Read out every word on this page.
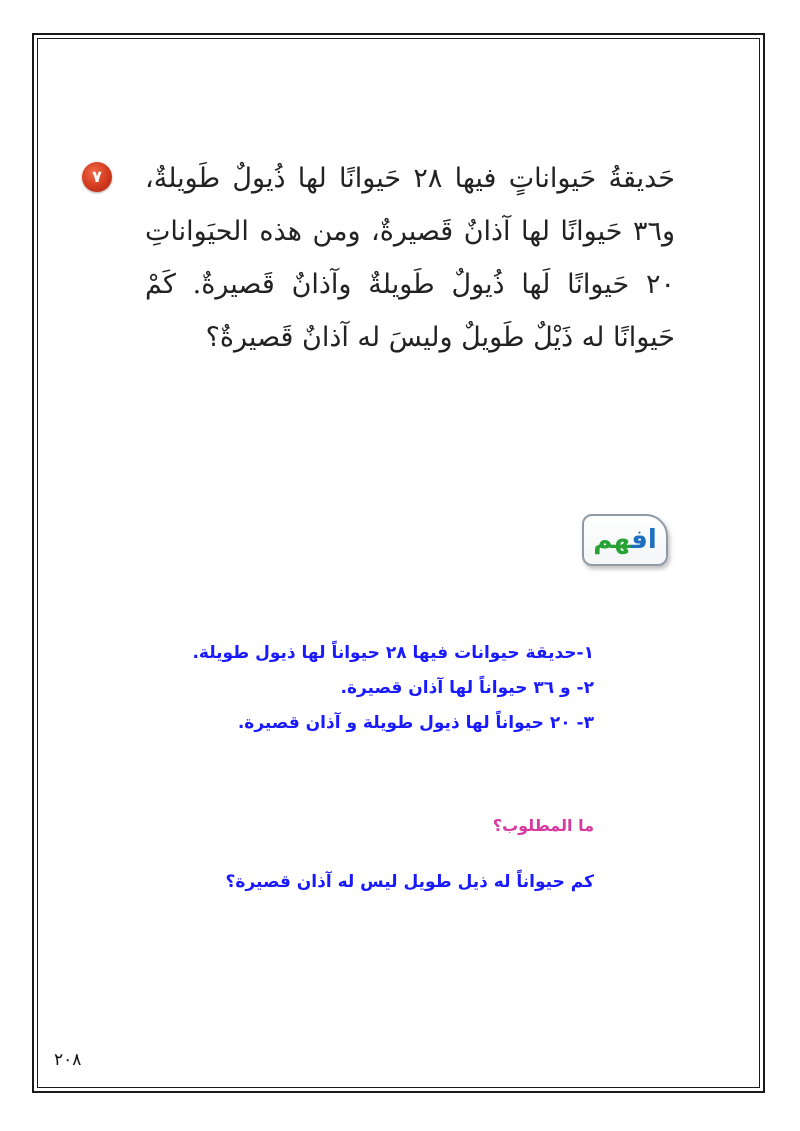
٧	حَديقةُ حَيواناتٍ فيها ٢٨ حَيوانًا لها ذُيولٌ طَويلةٌ، و٣٦ حَيوانًا لها آذانٌ قَصيرةٌ، ومن هذه الحيَواناتِ ٢٠ حَيوانًا لَها ذُيولٌ طَويلةٌ وآذانٌ قَصيرةٌ. كَمْ حَيوانًا له ذَيْلٌ طَويلٌ وليسَ له آذانٌ قَصيرةٌ؟
افهم
١-حديقة حيوانات فيها ٢٨ حيواناً لها ذيول طويلة.
٢- و ٣٦ حيواناً لها آذان قصيرة.
٣- ٢٠ حيواناً لها ذيول طويلة و آذان قصيرة.
ما المطلوب؟
كم حيواناً له ذيل طويل ليس له آذان قصيرة؟
٢٠٨
